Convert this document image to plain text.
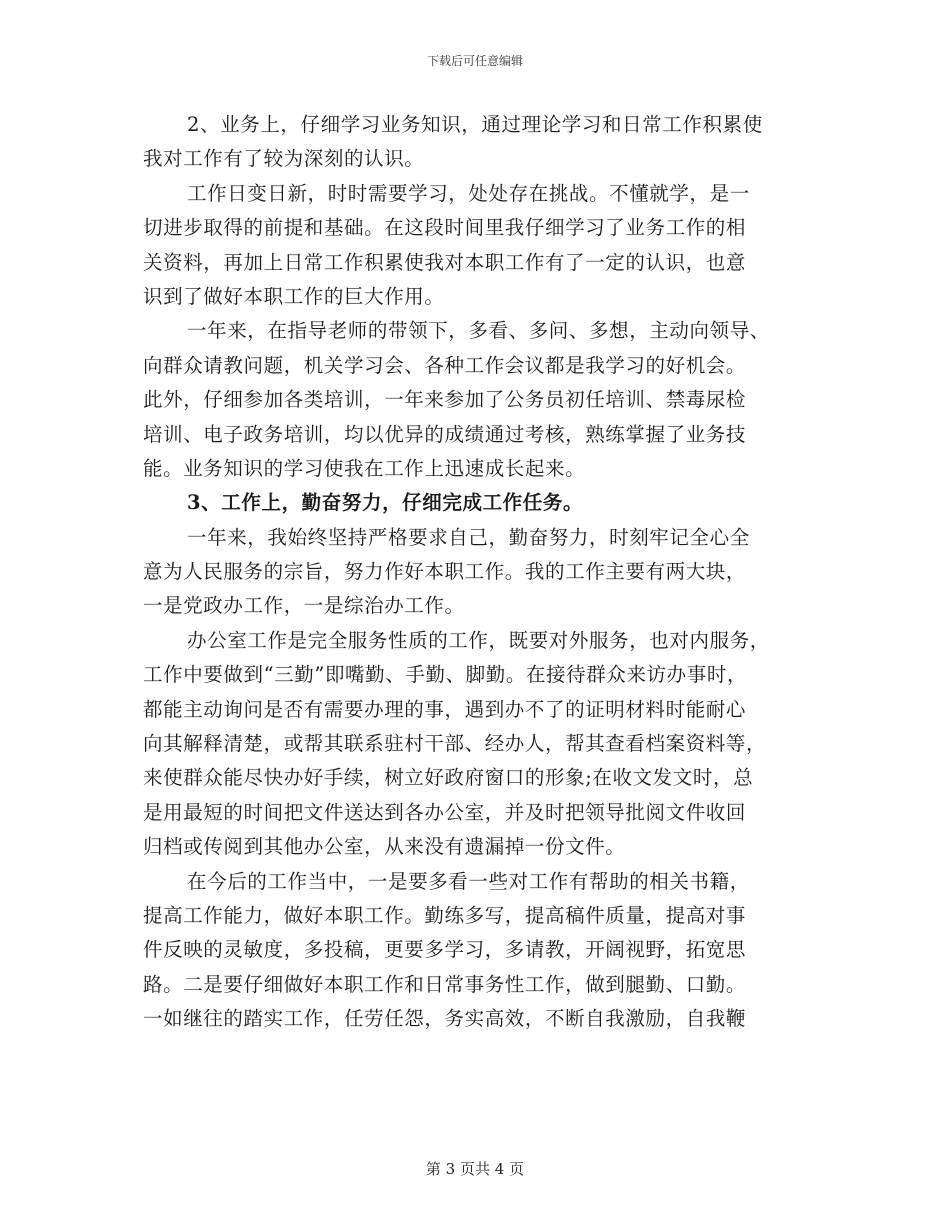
下载后可任意编辑
2、业务上，仔细学习业务知识，通过理论学习和日常工作积累使
我对工作有了较为深刻的认识。
工作日变日新，时时需要学习，处处存在挑战。不懂就学，是一
切进步取得的前提和基础。在这段时间里我仔细学习了业务工作的相
关资料，再加上日常工作积累使我对本职工作有了一定的认识，也意
识到了做好本职工作的巨大作用。
一年来，在指导老师的带领下，多看、多问、多想，主动向领导、
向群众请教问题，机关学习会、各种工作会议都是我学习的好机会。
此外，仔细参加各类培训，一年来参加了公务员初任培训、禁毒尿检
培训、电子政务培训，均以优异的成绩通过考核，熟练掌握了业务技
能。业务知识的学习使我在工作上迅速成长起来。
3、工作上，勤奋努力，仔细完成工作任务。
一年来，我始终坚持严格要求自己，勤奋努力，时刻牢记全心全
意为人民服务的宗旨，努力作好本职工作。我的工作主要有两大块，
一是党政办工作，一是综治办工作。
办公室工作是完全服务性质的工作，既要对外服务，也对内服务，
工作中要做到“三勤”即嘴勤、手勤、脚勤。在接待群众来访办事时，
都能主动询问是否有需要办理的事，遇到办不了的证明材料时能耐心
向其解释清楚，或帮其联系驻村干部、经办人，帮其查看档案资料等，
来使群众能尽快办好手续，树立好政府窗口的形象;在收文发文时，总
是用最短的时间把文件送达到各办公室，并及时把领导批阅文件收回
归档或传阅到其他办公室，从来没有遗漏掉一份文件。
在今后的工作当中，一是要多看一些对工作有帮助的相关书籍，
提高工作能力，做好本职工作。勤练多写，提高稿件质量，提高对事
件反映的灵敏度，多投稿，更要多学习，多请教，开阔视野，拓宽思
路。二是要仔细做好本职工作和日常事务性工作，做到腿勤、口勤。
一如继往的踏实工作，任劳任怨，务实高效，不断自我激励，自我鞭
第 3 页共 4 页
